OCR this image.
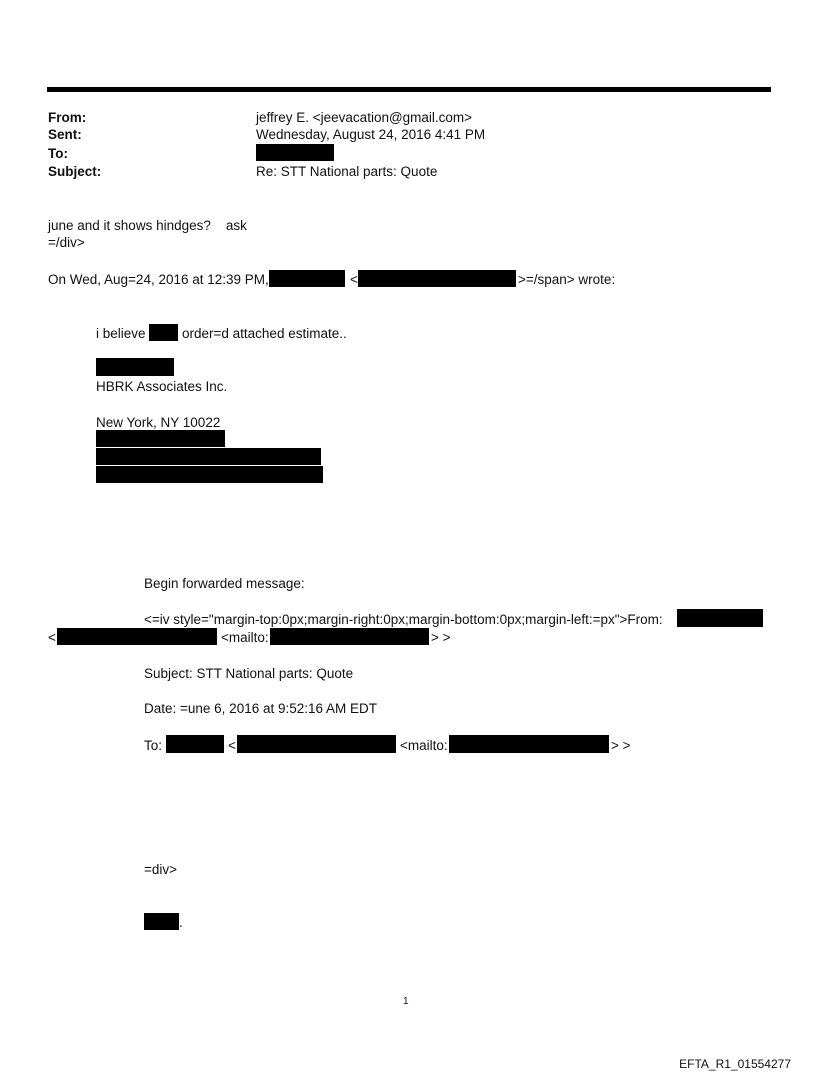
From:	jeffrey E. <jeevacation@gmail.com>
Sent:	Wednesday, August 24, 2016 4:41 PM
To:
Subject:	Re: STT National parts: Quote
june and it shows hindges?    ask
=/div>
On Wed, Aug=24, 2016 at 12:39 PM,	<	>=/span> wrote:
i believe	order=d attached estimate..
HBRK Associates Inc.
New York, NY 10022
Begin forwarded message:
<=iv style="margin-top:0px;margin-right:0px;margin-bottom:0px;margin-left:=px">From:
<	<mailto:	> >
Subject: STT National parts: Quote
Date: =une 6, 2016 at 9:52:16 AM EDT
To:	<	<mailto:	> >
=div>
.
1
EFTA_R1_01554277
